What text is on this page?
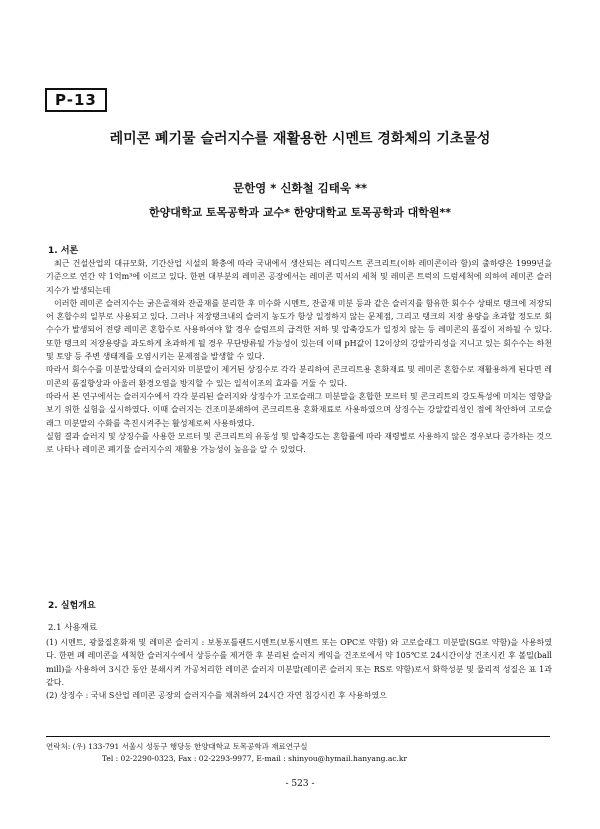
P-13
레미콘 폐기물 슬러지수를 재활용한 시멘트 경화체의 기초물성
문한영 * 신화철 김태욱 **
한양대학교 토목공학과 교수* 한양대학교 토목공학과 대학원**
1. 서론

최근 건설산업의 대규모화, 기간산업 시설의 확충에 따라 국내에서 생산되는 레디믹스트 콘크리트(이하 레미콘이라 함)의 출하량은 1999년을 기준으로 연간 약 1억m³에 이르고 있다. 한편 대부분의 레미콘 공장에서는 레미콘 믹서의 세척 및 레미콘 트럭의 드럼세척에 의하여 레미콘 슬러지수가 발생되는데

이러한 레미콘 슬러지수는 굵은골재와 잔골재를 분리한 후 미수화 시멘트, 잔골재 미분 등과 같은 슬러지를 함유한 회수수 상태로 탱크에 저장되어 혼합수의 일부로 사용되고 있다. 그러나 저장탱크내의 슬러지 농도가 항상 일정하지 않는 문제점, 그리고 탱크의 저장 용량을 초과할 정도로 회수수가 발생되어 전량 레미콘 혼합수로 사용하여야 할 경우 슬럼프의 급격한 저하 및 압축강도가 일정치 않는 등 레미콘의 품질이 저하될 수 있다. 또한 탱크의 저장용량을 과도하게 초과하게 될 경우 무단방류될 가능성이 있는데 이때 pH값이 12이상의 강알카리성을 지니고 있는 회수수는 하천 및 토양 등 주변 생태계를 오염시키는 문제점을 발생할 수 있다.

따라서 회수수를 미분말상태의 슬러지와 미분말이 제거된 상징수로 각각 분리하여 콘크리트용 혼화재료 및 레미콘 혼합수로 재활용하게 된다면 레미콘의 품질향상과 아울러 환경오염을 방지할 수 있는 일석이조의 효과를 거둘 수 있다.

따라서 본 연구에서는 슬러지수에서 각각 분리된 슬러지와 상징수가 고로슬래그 미분말을 혼합한 모르터 및 콘크리트의 강도특성에 미치는 영향을 보기 위한 실험을 실시하였다. 이때 슬러지는 건조미분쇄하여 콘크리트용 혼화재료로 사용하였으며 상징수는 강알칼리성인 점에 착안하여 고로슬래그 미분말의 수화를 촉진시켜주는 활성제로써 사용하였다.

실험 결과 슬러지 및 상징수를 사용한 모르터 및 콘크리트의 유동성 및 압축강도는 혼합률에 따라 재령별로 사용하지 않은 경우보다 증가하는 것으로 나타나 레미콘 폐기물 슬러지수의 재활용 가능성이 높음을 알 수 있었다.

2. 실험개요
2.1 사용재료

(1) 시멘트, 광물질혼화재 및 레미콘 슬러지 : 보통포틀랜드시멘트(보통시멘트 또는 OPC로 약함) 와 고로슬래그 미분말(SG로 약함)을 사용하였다. 한편 폐 레미콘을 세척한 슬러지수에서 상등수를 제거한 후 분리된 슬러지 케익을 건조로에서 약 105℃로 24시간이상 건조시킨 후 볼밀(ball mill)을 사용하여 3시간 동안 분쇄시켜 가공처리한 레미콘 슬러지 미분말(레미콘 슬러지 또는 RS로 약함)로서 화학성분 및 물리적 성질은 표 1과 같다.

(2) 상징수 : 국내 S산업 레미콘 공장의 슬러지수를 채취하여 24시간 자연 침강시킨 후 사용하였으

연락처: (우) 133-791 서울시 성동구 행당동 한양대학교 토목공학과 재료연구실
Tel : 02-2290-0323, Fax : 02-2293-9977, E-mail : shinyou@hymail.hanyang.ac.kr
- 523 -
